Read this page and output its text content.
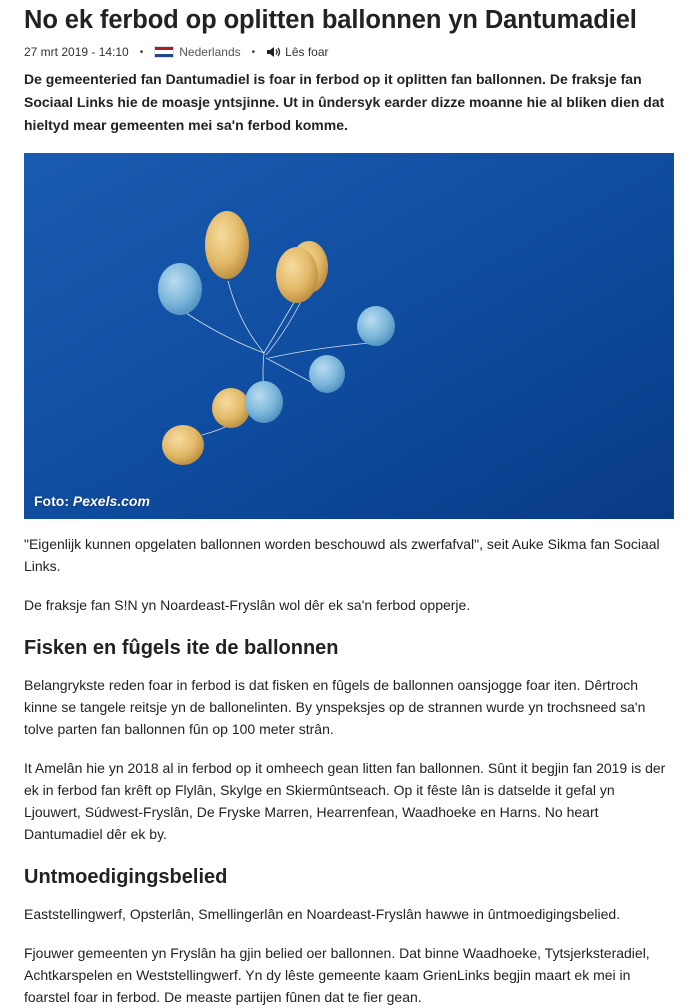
No ek ferbod op oplitten ballonnen yn Dantumadiel
27 mrt 2019 - 14:10 •	Nederlands •	Lês foar

De gemeenteried fan Dantumadiel is foar in ferbod op it oplitten fan ballonnen. De fraksje fan Sociaal Links hie de moasje yntsjinne. Ut in ûndersyk earder dizze moanne hie al bliken dien dat hieltyd mear gemeenten mei sa'n ferbod komme.

Foto: Pexels.com

"Eigenlijk kunnen opgelaten ballonnen worden beschouwd als zwerfafval", seit Auke Sikma fan Sociaal Links.

De fraksje fan S!N yn Noardeast-Fryslân wol dêr ek sa'n ferbod opperje.

Fisken en fûgels ite de ballonnen

Belangrykste reden foar in ferbod is dat fisken en fûgels de ballonnen oansjogge foar iten. Dêrtroch kinne se tangele reitsje yn de ballonelinten. By ynspeksjes op de strannen wurde yn trochsneed sa'n tolve parten fan ballonnen fûn op 100 meter strân.

It Amelân hie yn 2018 al in ferbod op it omheech gean litten fan ballonnen. Sûnt it begjin fan 2019 is der ek in ferbod fan krêft op Flylân, Skylge en Skiermûntseach. Op it fêste lân is datselde it gefal yn Ljouwert, Súdwest-Fryslân, De Fryske Marren, Hearrenfean, Waadhoeke en Harns. No heart Dantumadiel dêr ek by.

Untmoedigingsbelied

Eaststellingwerf, Opsterlân, Smellingerlân en Noardeast-Fryslân hawwe in ûntmoedigingsbelied.

Fjouwer gemeenten yn Fryslân ha gjin belied oer ballonnen. Dat binne Waadhoeke, Tytsjerksteradiel, Achtkarspelen en Weststellingwerf. Yn dy lêste gemeente kaam GrienLinks begjin maart ek mei in foarstel foar in ferbod. De measte partijen fûnen dat te fier gean.
